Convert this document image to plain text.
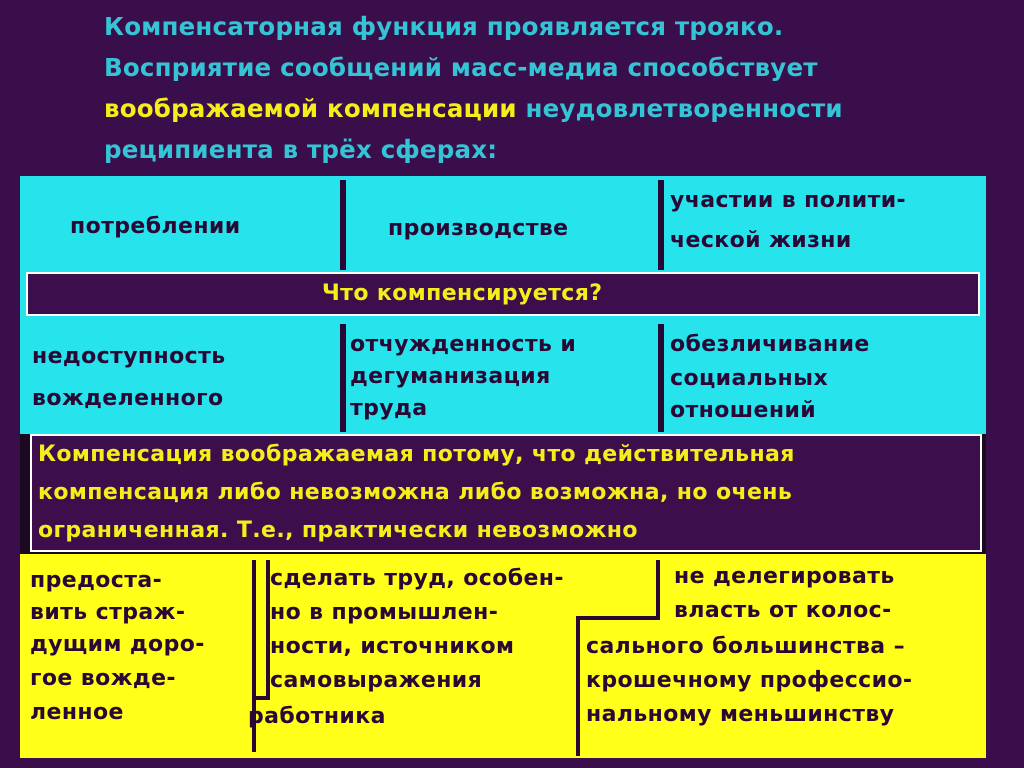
Компенсаторная функция проявляется трояко.
Восприятие сообщений масс-медиа способствует
воображаемой компенсации неудовлетворенности
реципиента в трёх сферах:
потреблении	производстве
участии в полити-
ческой жизни
Что компенсируется?
недоступность
вожделенного
отчужденность и
дегуманизация
труда
обезличивание
социальных
отношений
Компенсация воображаемая потому, что действительная
компенсация либо невозможна либо возможна, но очень
ограниченная. Т.е., практически невозможно
предоста-
вить страж-
дущим доро-
гое вожде-
ленное
сделать труд, особен-
но в промышлен-
ности, источником
самовыражения
работника
не делегировать
власть от колос-
сального большинства –
крошечному профессио-
нальному меньшинству
